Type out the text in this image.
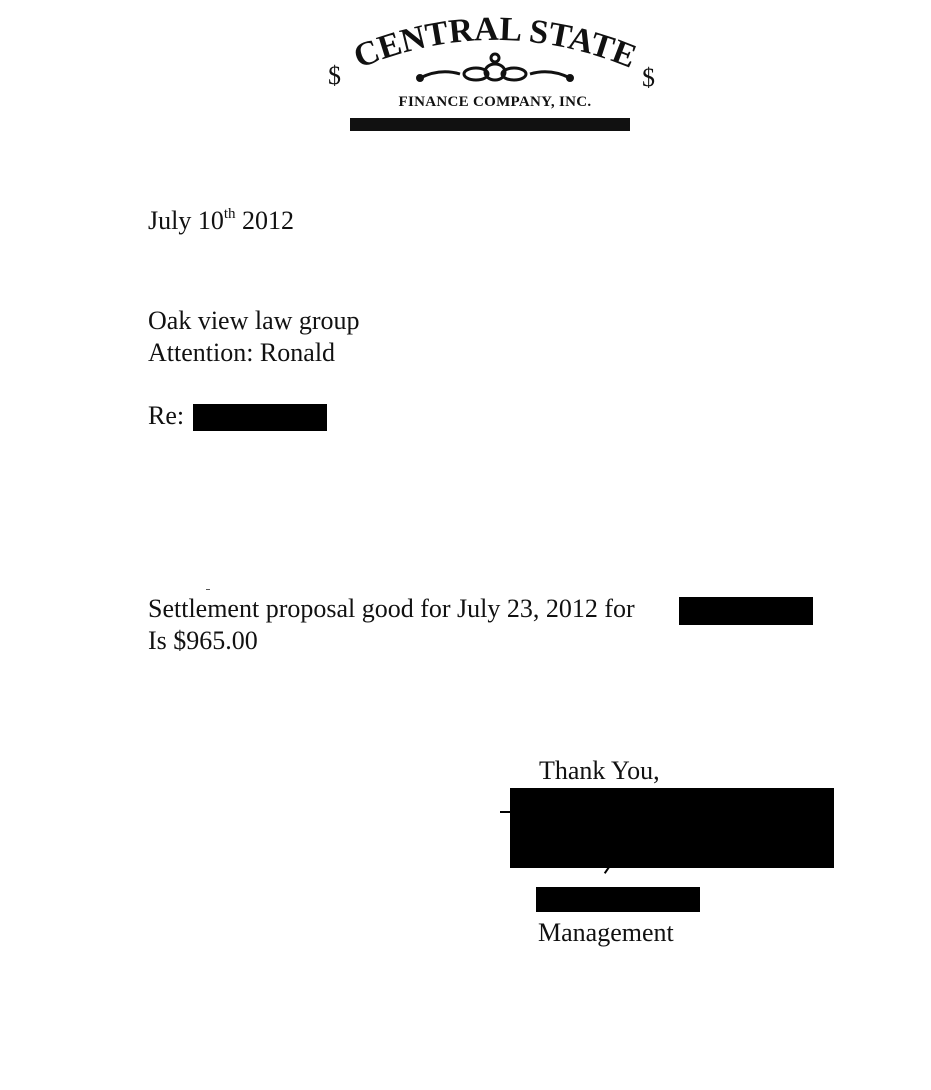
CENTRAL STATE
$	$
FINANCE COMPANY, INC.
July 10th 2012
Oak view law group
Attention: Ronald
Re:
Settlement proposal good for July 23, 2012 for
Is $965.00
Thank You,
Management
